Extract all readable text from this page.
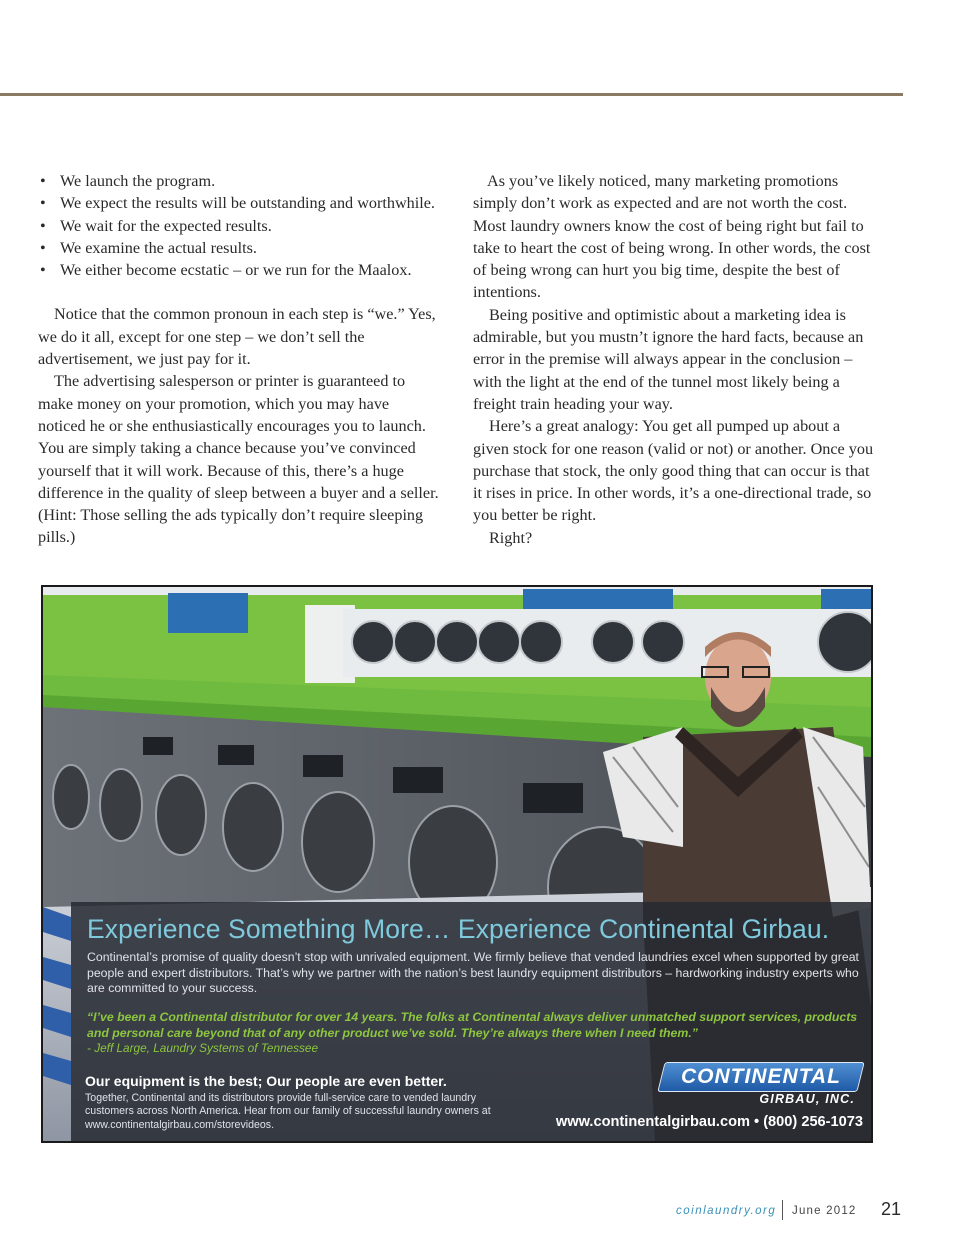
• We launch the program.
• We expect the results will be outstanding and worthwhile.
• We wait for the expected results.
• We examine the actual results.
• We either become ecstatic – or we run for the Maalox.

Notice that the common pronoun in each step is “we.” Yes, we do it all, except for one step – we don’t sell the advertisement, we just pay for it.

The advertising salesperson or printer is guaranteed to make money on your promotion, which you may have noticed he or she enthusiastically encourages you to launch. You are simply taking a chance because you’ve convinced yourself that it will work. Because of this, there’s a huge difference in the quality of sleep between a buyer and a seller. (Hint: Those selling the ads typically don’t require sleeping pills.)

As you’ve likely noticed, many marketing promotions simply don’t work as expected and are not worth the cost. Most laundry owners know the cost of being right but fail to take to heart the cost of being wrong. In other words, the cost of being wrong can hurt you big time, despite the best of intentions.

Being positive and optimistic about a marketing idea is admirable, but you mustn’t ignore the hard facts, because an error in the premise will always appear in the conclusion – with the light at the end of the tunnel most likely being a freight train heading your way.

Here’s a great analogy: You get all pumped up about a given stock for one reason (valid or not) or another. Once you purchase that stock, the only good thing that can occur is that it rises in price. In other words, it’s a one-directional trade, so you better be right.

Right?

Experience Something More… Experience Continental Girbau.
Continental’s promise of quality doesn’t stop with unrivaled equipment. We firmly believe that vended laundries excel when supported by great people and expert distributors. That’s why we partner with the nation’s best laundry equipment distributors – hardworking industry experts who are committed to your success.
“I’ve been a Continental distributor for over 14 years. The folks at Continental always deliver unmatched support services, products and personal care beyond that of any other product we’ve sold. They’re always there when I need them.”
- Jeff Large, Laundry Systems of Tennessee
Our equipment is the best; Our people are even better.
Together, Continental and its distributors provide full-service care to vended laundry customers across North America. Hear from our family of successful laundry owners at www.continentalgirbau.com/storevideos.
CONTINENTAL
GIRBAU, INC.
www.continentalgirbau.com • (800) 256-1073
coinlaundry.org June 2012 21
